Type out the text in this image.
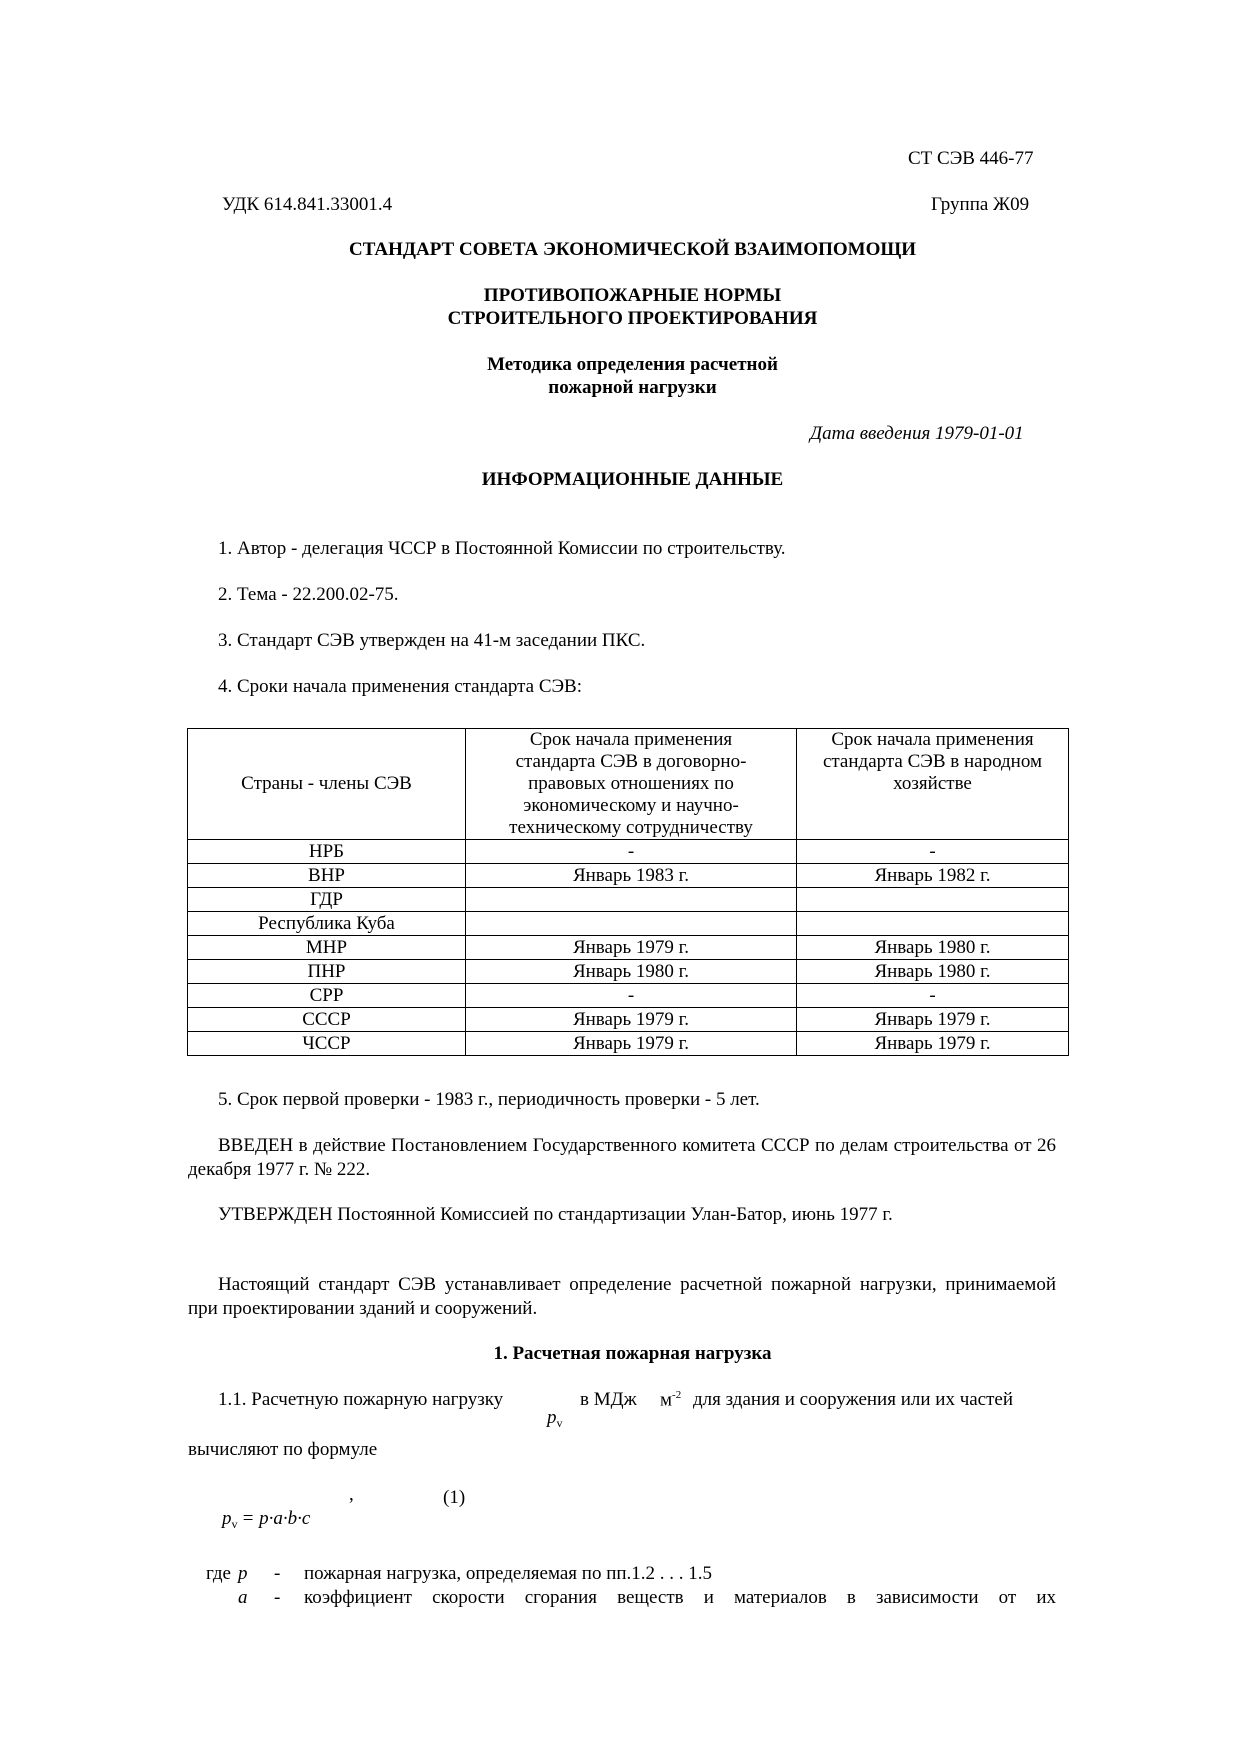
СТ СЭВ 446-77
УДК 614.841.33001.4	Группа Ж09
СТАНДАРТ СОВЕТА ЭКОНОМИЧЕСКОЙ ВЗАИМОПОМОЩИ
ПРОТИВОПОЖАРНЫЕ НОРМЫ
СТРОИТЕЛЬНОГО ПРОЕКТИРОВАНИЯ
Методика определения расчетной
пожарной нагрузки
Дата введения 1979-01-01
ИНФОРМАЦИОННЫЕ ДАННЫЕ
1. Автор - делегация ЧССР в Постоянной Комиссии по строительству.
2. Тема - 22.200.02-75.
3. Стандарт СЭВ утвержден на 41-м заседании ПКС.
4. Сроки начала применения стандарта СЭВ:
Страны - члены СЭВ	Срок начала применения стандарта СЭВ в договорно-правовых отношениях по экономическому и научно-техническому сотрудничеству	Срок начала применения стандарта СЭВ в народном хозяйстве
НРБ	-	-
ВНР	Январь 1983 г.	Январь 1982 г.
ГДР		
Республика Куба		
МНР	Январь 1979 г.	Январь 1980 г.
ПНР	Январь 1980 г.	Январь 1980 г.
СРР	-	-
СССР	Январь 1979 г.	Январь 1979 г.
ЧССР	Январь 1979 г.	Январь 1979 г.
5. Срок первой проверки - 1983 г., периодичность проверки - 5 лет.
ВВЕДЕН в действие Постановлением Государственного комитета СССР по делам строительства от 26 декабря 1977 г. № 222.
УТВЕРЖДЕН Постоянной Комиссией по стандартизации Улан-Батор, июнь 1977 г.
Настоящий стандарт СЭВ устанавливает определение расчетной пожарной нагрузки, принимаемой при проектировании зданий и сооружений.
1. Расчетная пожарная нагрузка
1.1. Расчетную пожарную нагрузку
$p_v$
в МДж $м^{-2}$ для здания и сооружения или их частей
вычисляют по формуле
$p_v = p\cdot a\cdot b\cdot c$
,	(1)
где p - пожарная нагрузка, определяемая по пп.1.2 . . . 1.5
a - коэффициент скорости сгорания веществ и материалов в зависимости от их
